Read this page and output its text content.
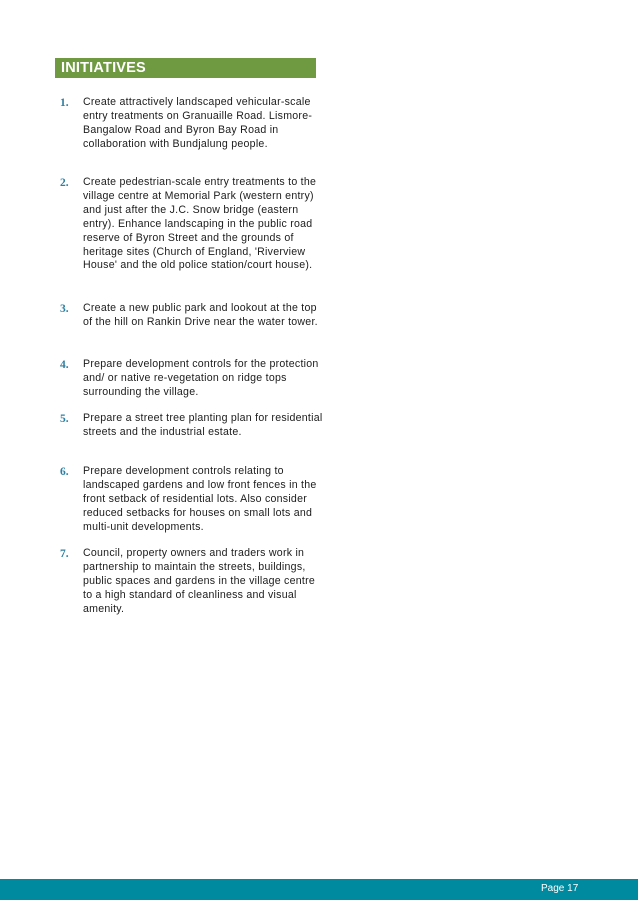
INITIATIVES
1. Create attractively landscaped vehicular-scale entry treatments on Granuaille Road. Lismore-Bangalow Road and Byron Bay Road in collaboration with Bundjalung people.
2. Create pedestrian-scale entry treatments to the village centre at Memorial Park (western entry) and just after the J.C. Snow bridge (eastern entry). Enhance landscaping in the public road reserve of Byron Street and the grounds of heritage sites (Church of England, 'Riverview House' and the old police station/court house).
3. Create a new public park and lookout at the top of the hill on Rankin Drive near the water tower.
4. Prepare development controls for the protection and/ or native re-vegetation on ridge tops surrounding the village.
5. Prepare a street tree planting plan for residential streets and the industrial estate.
6. Prepare development controls relating to landscaped gardens and low front fences in the front setback of residential lots. Also consider reduced setbacks for houses on small lots and multi-unit developments.
7. Council, property owners and traders work in partnership to maintain the streets, buildings, public spaces and gardens in the village centre to a high standard of cleanliness and visual amenity.
Page 17
